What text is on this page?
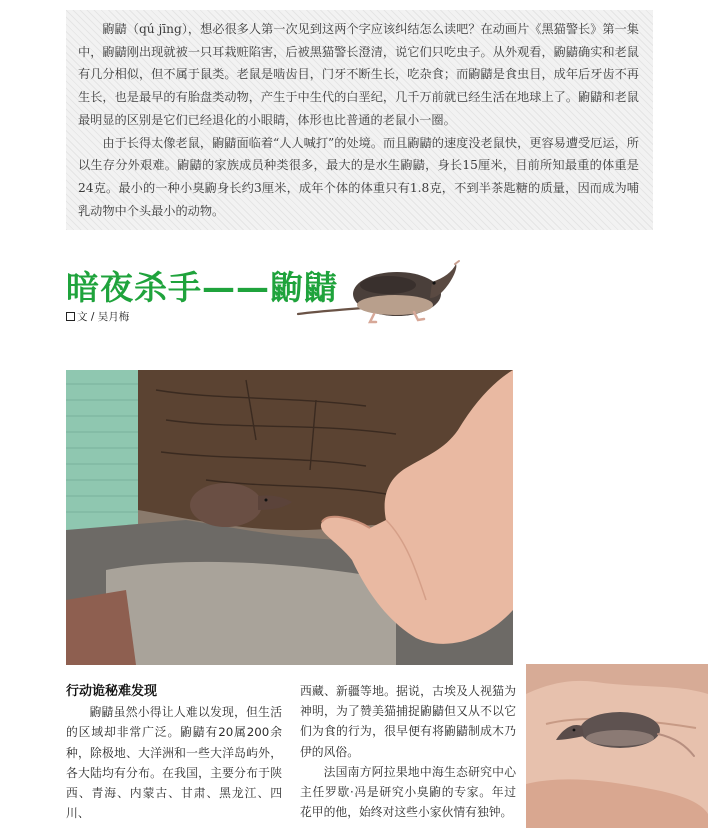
鼩鼱（qú jīng），想必很多人第一次见到这两个字应该纠结怎么读吧？在动画片《黑猫警长》第一集中，鼩鼱刚出现就被一只耳栽赃陷害，后被黑猫警长澄清，说它们只吃虫子。从外观看，鼩鼱确实和老鼠有几分相似，但不属于鼠类。老鼠是啮齿目，门牙不断生长，吃杂食；而鼩鼱是食虫目，成年后牙齿不再生长，也是最早的有胎盘类动物，产生于中生代的白垩纪，几千万前就已经生活在地球上了。鼩鼱和老鼠最明显的区别是它们已经退化的小眼睛，体形也比普通的老鼠小一圈。

由于长得太像老鼠，鼩鼱面临着“人人喊打”的处境。而且鼩鼱的速度没老鼠快，更容易遭受厄运，所以生存分外艰难。鼩鼱的家族成员种类很多，最大的是水生鼩鼱，身长15厘米，目前所知最重的体重是24克。最小的一种小臭鼩身长约3厘米，成年个体的体重只有1.8克，不到半茶匙糖的质量，因而成为哺乳动物中个头最小的动物。

暗夜杀手——鼩鼱
文 / 吴月梅

行动诡秘难发现

鼩鼱虽然小得让人难以发现，但生活的区域却非常广泛。鼩鼱有20属200余种，除极地、大洋洲和一些大洋岛屿外，各大陆均有分布。在我国，主要分布于陕西、青海、内蒙古、甘肃、黑龙江、四川、

西藏、新疆等地。据说，古埃及人视猫为神明，为了赞美猫捕捉鼩鼱但又从不以它们为食的行为，很早便有将鼩鼱制成木乃伊的风俗。

法国南方阿拉果地中海生态研究中心主任罗歇·冯是研究小臭鼩的专家。年过花甲的他，始终对这些小家伙情有独钟。
